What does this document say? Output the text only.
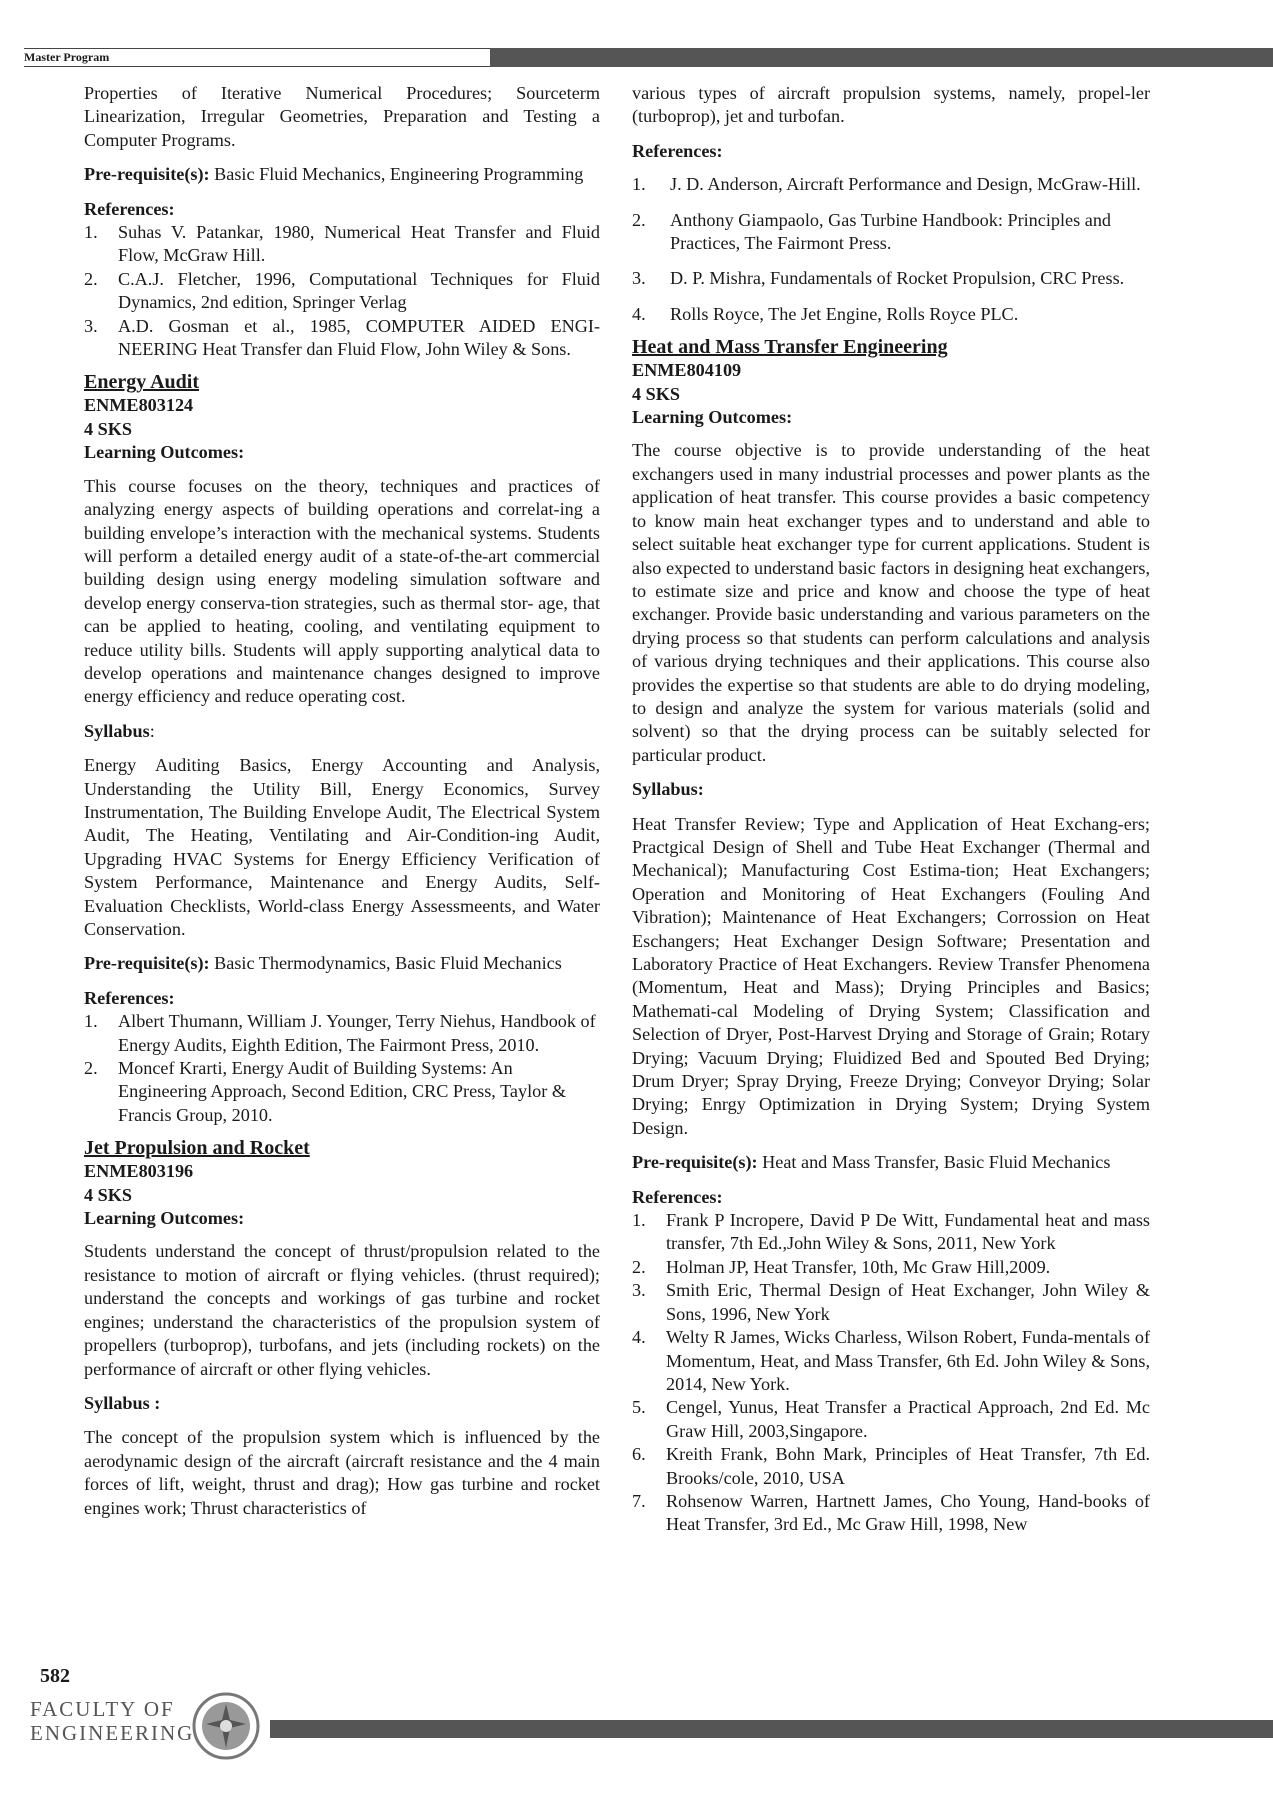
Master Program

Properties of Iterative Numerical Procedures; Sourceterm Linearization, Irregular Geometries, Preparation and Testing a Computer Programs.

Pre-requisite(s): Basic Fluid Mechanics, Engineering Programming

References:
1. Suhas V. Patankar, 1980, Numerical Heat Transfer and Fluid Flow, McGraw Hill.
2. C.A.J. Fletcher, 1996, Computational Techniques for Fluid Dynamics, 2nd edition, Springer Verlag
3. A.D. Gosman et al., 1985, COMPUTER AIDED ENGI-NEERING Heat Transfer dan Fluid Flow, John Wiley & Sons.
Energy Audit
ENME803124
4 SKS
Learning Outcomes:

This course focuses on the theory, techniques and practices of analyzing energy aspects of building operations and correlat-ing a building envelope’s interaction with the mechanical systems. Students will perform a detailed energy audit of a state-of-the-art commercial building design using energy modeling simulation software and develop energy conserva-tion strategies, such as thermal stor- age, that can be applied to heating, cooling, and ventilating equipment to reduce utility bills. Students will apply supporting analytical data to develop operations and maintenance changes designed to improve energy efficiency and reduce operating cost.

Syllabus:

Energy Auditing Basics, Energy Accounting and Analysis, Understanding the Utility Bill, Energy Economics, Survey Instrumentation, The Building Envelope Audit, The Electrical System Audit, The Heating, Ventilating and Air-Condition-ing Audit, Upgrading HVAC Systems for Energy Efficiency Verification of System Performance, Maintenance and Energy Audits, Self-Evaluation Checklists, World-class Energy Assessmeents, and Water Conservation.

Pre-requisite(s): Basic Thermodynamics, Basic Fluid Mechanics

References:
1. Albert Thumann, William J. Younger, Terry Niehus, Handbook of Energy Audits, Eighth Edition, The Fairmont Press, 2010.
2. Moncef Krarti, Energy Audit of Building Systems: An Engineering Approach, Second Edition, CRC Press, Taylor & Francis Group, 2010.
Jet Propulsion and Rocket
ENME803196
4 SKS
Learning Outcomes:

Students understand the concept of thrust/propulsion related to the resistance to motion of aircraft or flying vehicles. (thrust required); understand the concepts and workings of gas turbine and rocket engines; understand the characteristics of the propulsion system of propellers (turboprop), turbofans, and jets (including rockets) on the performance of aircraft or other flying vehicles.

Syllabus :

The concept of the propulsion system which is influenced by the aerodynamic design of the aircraft (aircraft resistance and the 4 main forces of lift, weight, thrust and drag); How gas turbine and rocket engines work; Thrust characteristics of

various types of aircraft propulsion systems, namely, propel-ler (turboprop), jet and turbofan.

References:
1. J. D. Anderson, Aircraft Performance and Design, McGraw-Hill.
2. Anthony Giampaolo, Gas Turbine Handbook: Principles and Practices, The Fairmont Press.
3. D. P. Mishra, Fundamentals of Rocket Propulsion, CRC Press.
4. Rolls Royce, The Jet Engine, Rolls Royce PLC.
Heat and Mass Transfer Engineering
ENME804109
4 SKS
Learning Outcomes:

The course objective is to provide understanding of the heat exchangers used in many industrial processes and power plants as the application of heat transfer. This course provides a basic competency to know main heat exchanger types and to understand and able to select suitable heat exchanger type for current applications. Student is also expected to understand basic factors in designing heat exchangers, to estimate size and price and know and choose the type of heat exchanger. Provide basic understanding and various parameters on the drying process so that students can perform calculations and analysis of various drying techniques and their applications. This course also provides the expertise so that students are able to do drying modeling, to design and analyze the system for various materials (solid and solvent) so that the drying process can be suitably selected for particular product.

Syllabus:

Heat Transfer Review; Type and Application of Heat Exchang-ers; Practgical Design of Shell and Tube Heat Exchanger (Thermal and Mechanical); Manufacturing Cost Estima-tion; Heat Exchangers; Operation and Monitoring of Heat Exchangers (Fouling And Vibration); Maintenance of Heat Exchangers; Corrossion on Heat Eschangers; Heat Exchanger Design Software; Presentation and Laboratory Practice of Heat Exchangers. Review Transfer Phenomena (Momentum, Heat and Mass); Drying Principles and Basics; Mathemati-cal Modeling of Drying System; Classification and Selection of Dryer, Post-Harvest Drying and Storage of Grain; Rotary Drying; Vacuum Drying; Fluidized Bed and Spouted Bed Drying; Drum Dryer; Spray Drying, Freeze Drying; Conveyor Drying; Solar Drying; Enrgy Optimization in Drying System; Drying System Design.

Pre-requisite(s): Heat and Mass Transfer, Basic Fluid Mechanics

References:
1. Frank P Incropere, David P De Witt, Fundamental heat and mass transfer, 7th Ed.,John Wiley & Sons, 2011, New York
2. Holman JP, Heat Transfer, 10th, Mc Graw Hill,2009.
3. Smith Eric, Thermal Design of Heat Exchanger, John Wiley & Sons, 1996, New York
4. Welty R James, Wicks Charless, Wilson Robert, Funda-mentals of Momentum, Heat, and Mass Transfer, 6th Ed. John Wiley & Sons, 2014, New York.
5. Cengel, Yunus, Heat Transfer a Practical Approach, 2nd Ed. Mc Graw Hill, 2003,Singapore.
6. Kreith Frank, Bohn Mark, Principles of Heat Transfer, 7th Ed. Brooks/cole, 2010, USA
7. Rohsenow Warren, Hartnett James, Cho Young, Hand-books of Heat Transfer, 3rd Ed., Mc Graw Hill, 1998, New
582
FACULTY OF
ENGINEERING
